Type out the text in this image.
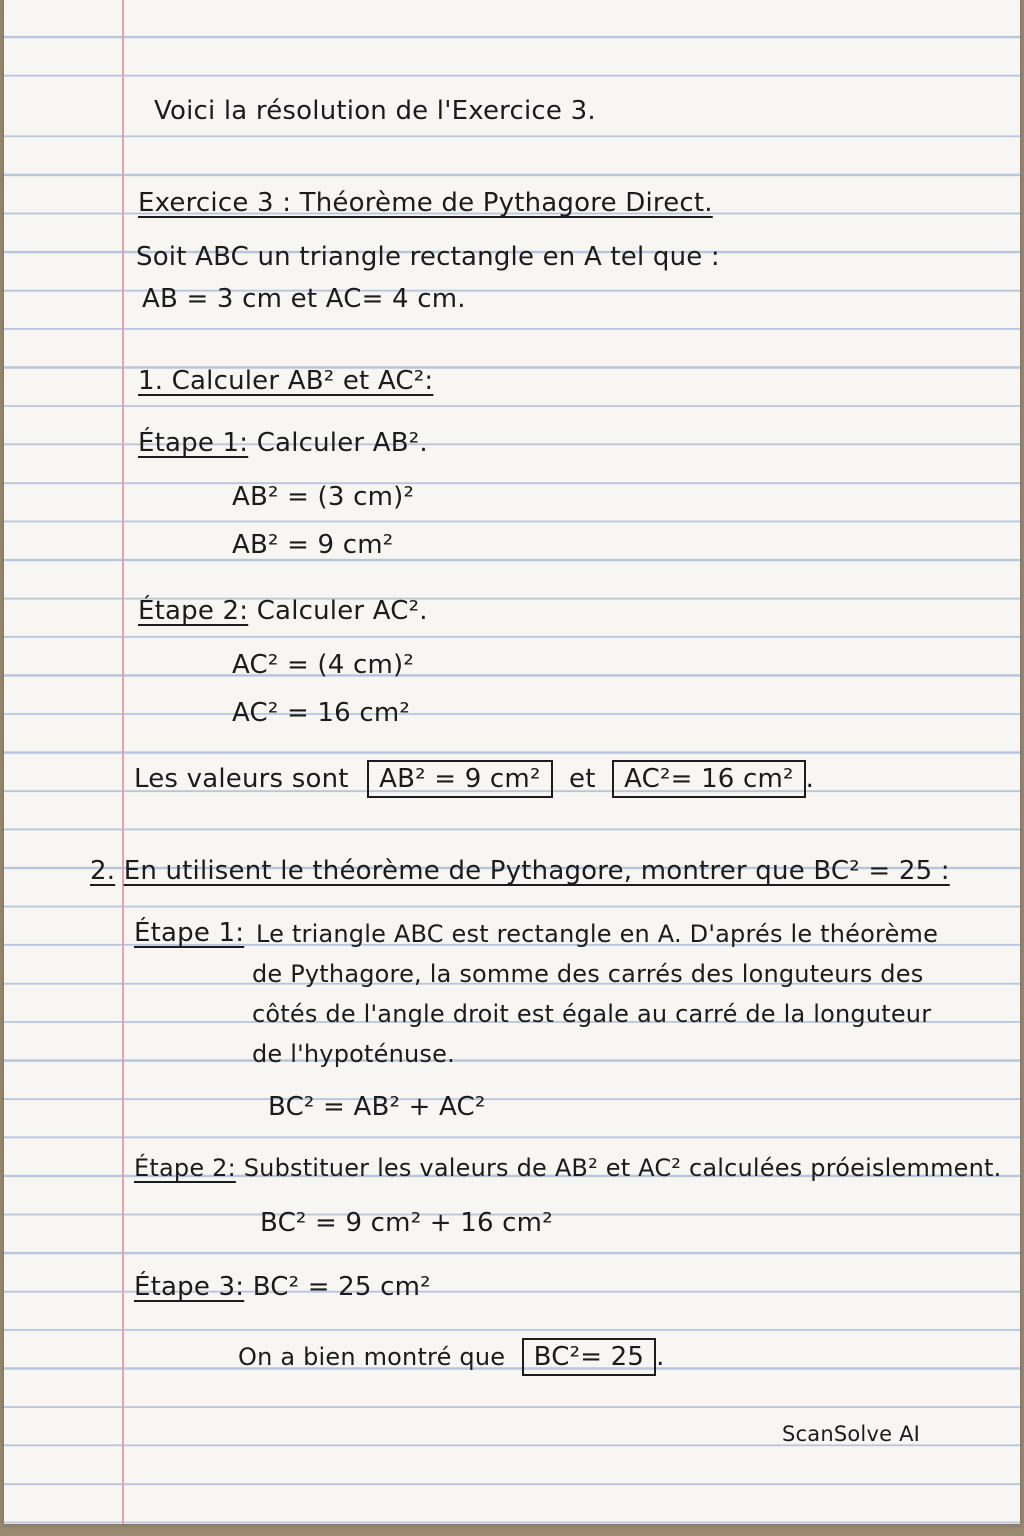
Voici la résolution de l'Exercice 3.
Exercice 3 : Théorème de Pythagore Direct.
Soit ABC un triangle rectangle en A tel que :
AB = 3 cm et AC= 4 cm.
1. Calculer AB² et AC²:
Étape 1: Calculer AB².
AB² = (3 cm)²
AB² = 9 cm²
Étape 2: Calculer AC².
AC² = (4 cm)²
AC² = 16 cm²
Les valeurs sont AB² = 9 cm² et AC²= 16 cm² .
2. En utilisent le théorème de Pythagore, montrer que BC² = 25 :
Étape 1: Le triangle ABC est rectangle en A. D'aprés le théorème
de Pythagore, la somme des carrés des longuteurs des
côtés de l'angle droit est égale au carré de la longuteur
de l'hypoténuse.
BC² = AB² + AC²
Étape 2: Substituer les valeurs de AB² et AC² calculées próeislemment.
BC² = 9 cm² + 16 cm²
Étape 3: BC² = 25 cm²
On a bien montré que BC²= 25 .
ScanSolve AI
